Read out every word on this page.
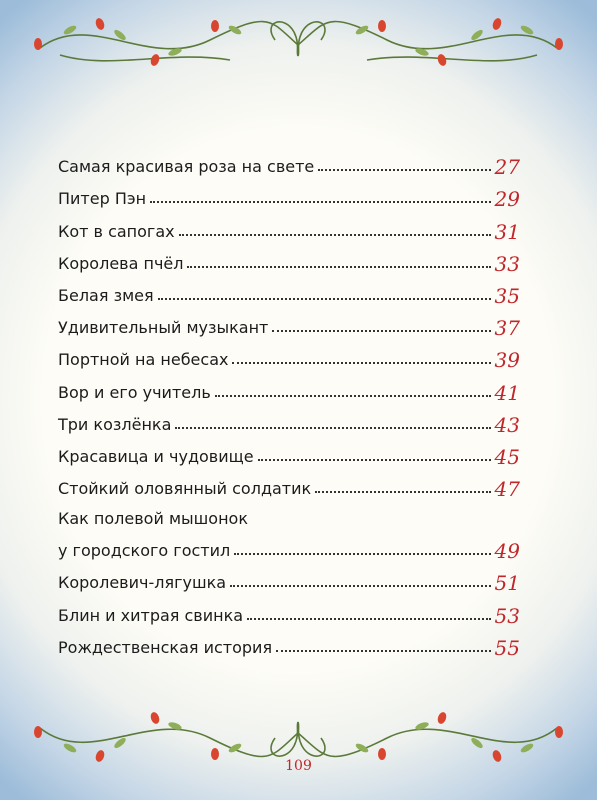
Самая красивая роза на свете	27
Питер Пэн	29
Кот в сапогах	31
Королева пчёл	33
Белая змея	35
Удивительный музыкант	37
Портной на небесах	39
Вор и его учитель	41
Три козлёнка	43
Красавица и чудовище	45
Стойкий оловянный солдатик	47
Как полевой мышонок
у городского гостил	49
Королевич-лягушка	51
Блин и хитрая свинка	53
Рождественская история	55
109
